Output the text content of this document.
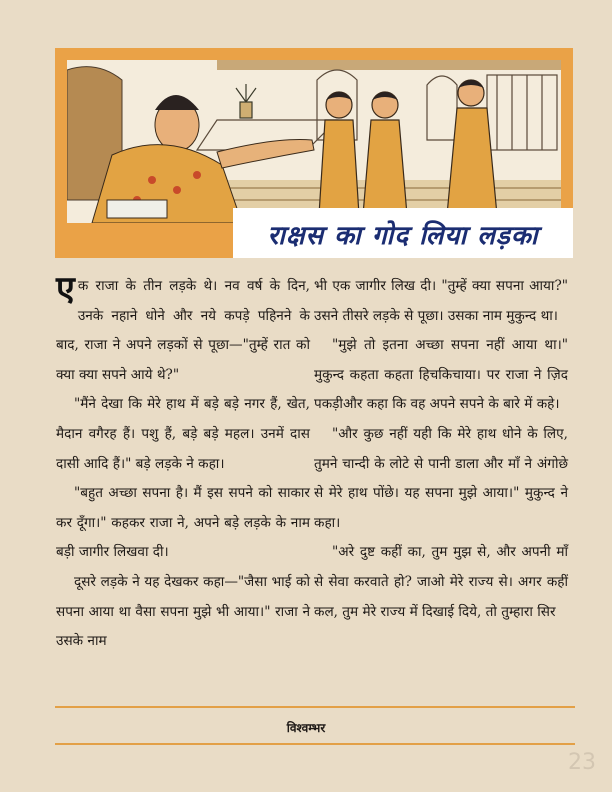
राक्षस का गोद लिया लड़का

एक राजा के तीन लड़के थे। नव वर्ष के दिन, उनके नहाने धोने और नये कपड़े पहिनने के बाद, राजा ने अपने लड़कों से पूछा—"तुम्हें रात को क्या क्या सपने आये थे?"

"मैंने देखा कि मेरे हाथ में बड़े बड़े नगर हैं, खेत, मैदान वगैरह हैं। पशु हैं, बड़े बड़े महल। उनमें दास दासी आदि हैं।" बड़े लड़के ने कहा।

"बहुत अच्छा सपना है। मैं इस सपने को साकार कर दूँगा।" कहकर राजा ने, अपने बड़े लड़के के नाम बड़ी जागीर लिखवा दी।

दूसरे लड़के ने यह देखकर कहा—"जैसा भाई को सपना आया था वैसा सपना मुझे भी आया।" राजा ने उसके नाम

भी एक जागीर लिख दी। "तुम्हें क्या सपना आया?" उसने तीसरे लड़के से पूछा। उसका नाम मुकुन्द था।

"मुझे तो इतना अच्छा सपना नहीं आया था।" मुकुन्द कहता कहता हिचकिचाया। पर राजा ने ज़िद पकड़ीऔर कहा कि वह अपने सपने के बारे में कहे।

"और कुछ नहीं यही कि मेरे हाथ धोने के लिए, तुमने चान्दी के लोटे से पानी डाला और माँ ने अंगोछे से मेरे हाथ पोंछे। यह सपना मुझे आया।" मुकुन्द ने कहा।

"अरे दुष्ट कहीं का, तुम मुझ से, और अपनी माँ से सेवा करवाते हो? जाओ मेरे राज्य से। अगर कहीं कल, तुम मेरे राज्य में दिखाई दिये, तो तुम्हारा सिर

विश्वम्भर
23
